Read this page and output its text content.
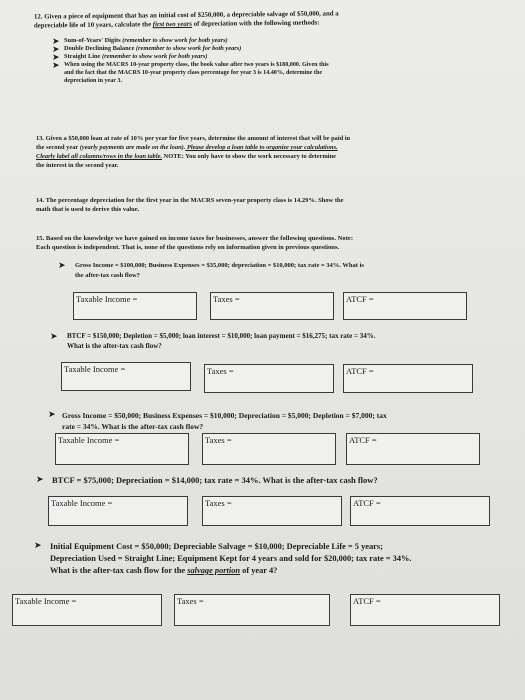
12. Given a piece of equipment that has an initial cost of $250,000, a depreciable salvage of $50,000, and a
depreciable life of 10 years, calculate the first two years of depreciation with the following methods:
➤ Sum-of-Years' Digits (remember to show work for both years)
➤ Double Declining Balance (remember to show work for both years)
➤ Straight Line (remember to show work for both years)
➤ When using the MACRS 10-year property class, the book value after two years is $180,000. Given this
and the fact that the MACRS 10-year property class percentage for year 3 is 14.40%, determine the
depreciation in year 3.
13. Given a $50,000 loan at rate of 10% per year for five years, determine the amount of interest that will be paid in
the second year (yearly payments are made on the loan). Please develop a loan table to organize your calculations.
Clearly label all columns/rows in the loan table. NOTE: You only have to show the work necessary to determine
the interest in the second year.
14. The percentage depreciation for the first year in the MACRS seven-year property class is 14.29%. Show the
math that is used to derive this value.
15. Based on the knowledge we have gained on income taxes for businesses, answer the following questions. Note:
Each question is independent. That is, none of the questions rely on information given in previous questions.
➤ Gross Income = $100,000; Business Expenses = $35,000; depreciation = $10,000; tax rate = 34%. What is
the after-tax cash flow?
Taxable Income =	Taxes =	ATCF =
➤ BTCF = $150,000; Depletion = $5,000; loan interest = $10,000; loan payment = $16,275; tax rate = 34%.
What is the after-tax cash flow?
Taxable Income =	Taxes =	ATCF =
➤ Gross Income = $50,000; Business Expenses = $10,000; Depreciation = $5,000; Depletion = $7,000; tax
rate = 34%. What is the after-tax cash flow?
Taxable Income =	Taxes =	ATCF =
➤ BTCF = $75,000; Depreciation = $14,000; tax rate = 34%. What is the after-tax cash flow?
Taxable Income =	Taxes =	ATCF =
➤ Initial Equipment Cost = $50,000; Depreciable Salvage = $10,000; Depreciable Life = 5 years;
Depreciation Used = Straight Line; Equipment Kept for 4 years and sold for $20,000; tax rate = 34%.
What is the after-tax cash flow for the salvage portion of year 4?
Taxable Income =	Taxes =	ATCF =
